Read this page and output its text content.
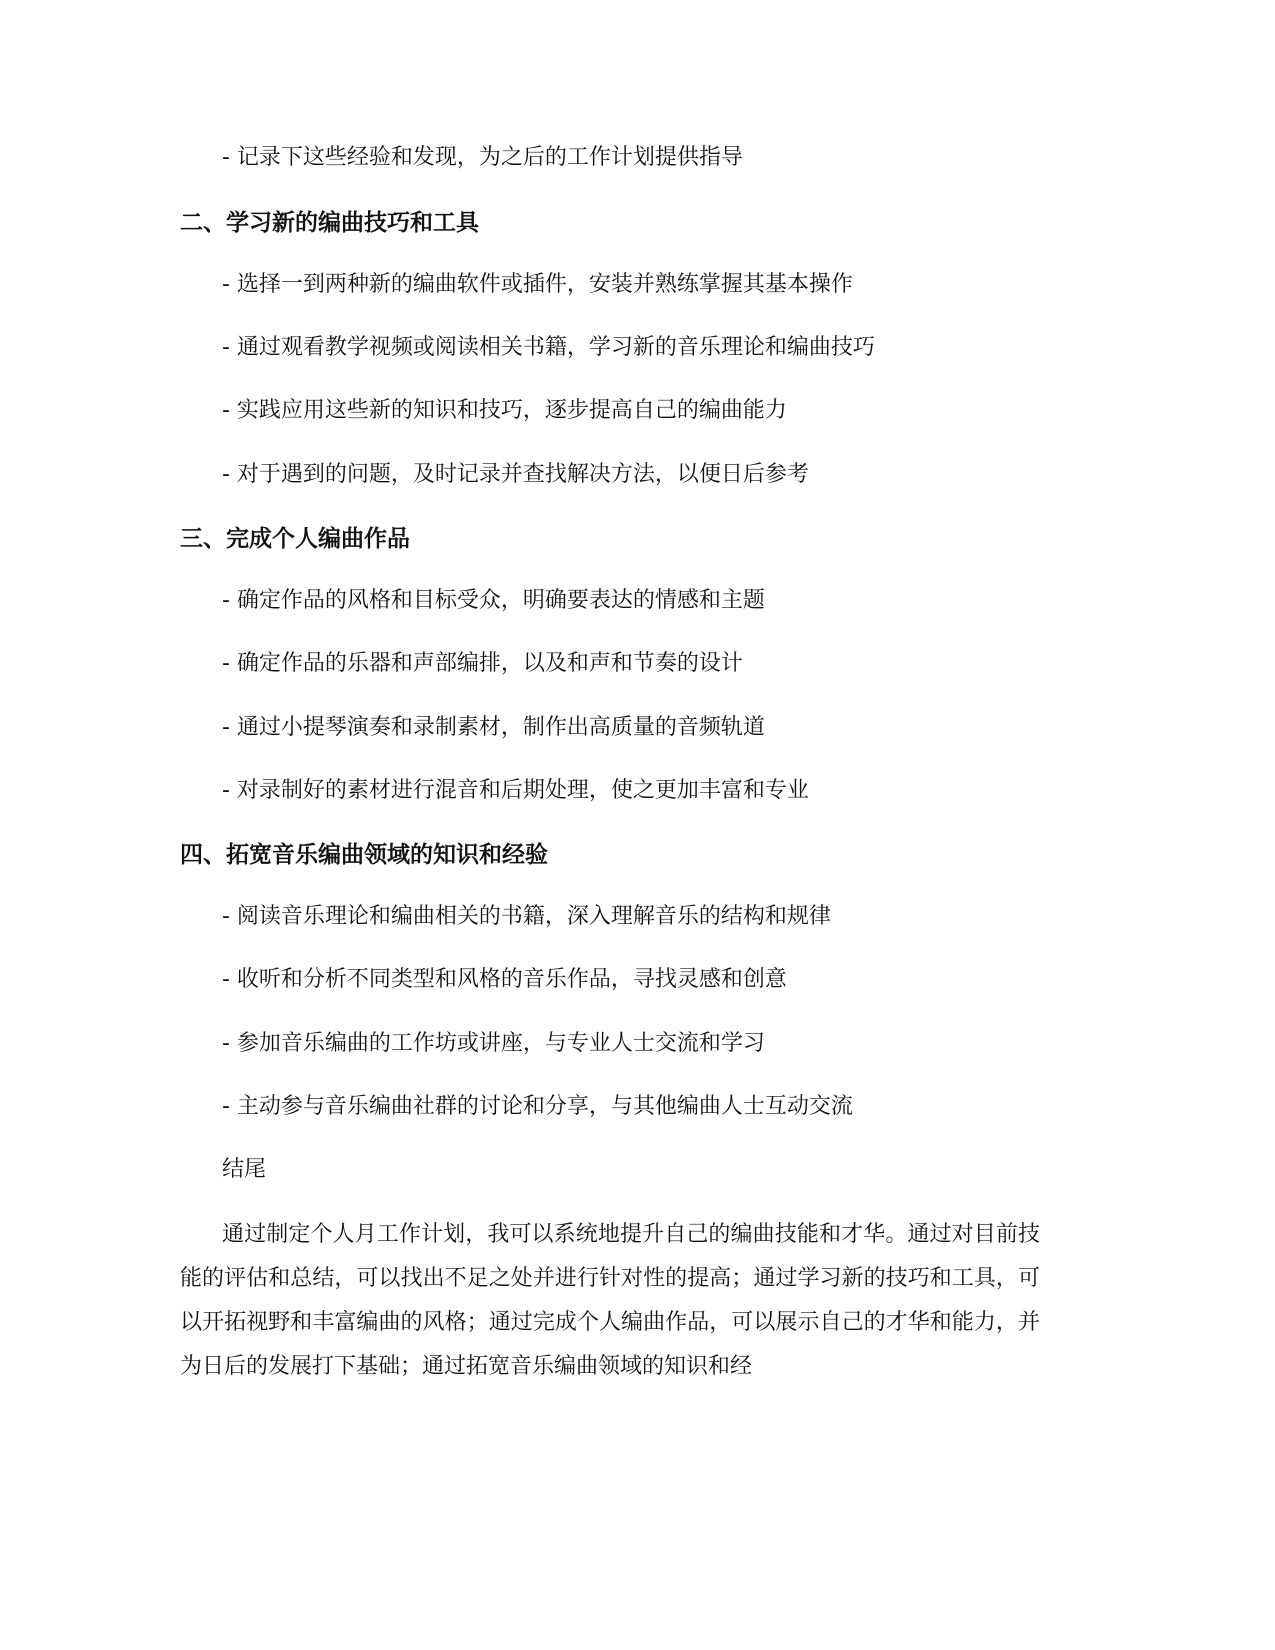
- 记录下这些经验和发现，为之后的工作计划提供指导
二、学习新的编曲技巧和工具
- 选择一到两种新的编曲软件或插件，安装并熟练掌握其基本操作
- 通过观看教学视频或阅读相关书籍，学习新的音乐理论和编曲技巧
- 实践应用这些新的知识和技巧，逐步提高自己的编曲能力
- 对于遇到的问题，及时记录并查找解决方法，以便日后参考
三、完成个人编曲作品
- 确定作品的风格和目标受众，明确要表达的情感和主题
- 确定作品的乐器和声部编排，以及和声和节奏的设计
- 通过小提琴演奏和录制素材，制作出高质量的音频轨道
- 对录制好的素材进行混音和后期处理，使之更加丰富和专业
四、拓宽音乐编曲领域的知识和经验
- 阅读音乐理论和编曲相关的书籍，深入理解音乐的结构和规律
- 收听和分析不同类型和风格的音乐作品，寻找灵感和创意
- 参加音乐编曲的工作坊或讲座，与专业人士交流和学习
- 主动参与音乐编曲社群的讨论和分享，与其他编曲人士互动交流
结尾
通过制定个人月工作计划，我可以系统地提升自己的编曲技能和才华。通过对目前技能的评估和总结，可以找出不足之处并进行针对性的提高；通过学习新的技巧和工具，可以开拓视野和丰富编曲的风格；通过完成个人编曲作品，可以展示自己的才华和能力，并为日后的发展打下基础；通过拓宽音乐编曲领域的知识和经
